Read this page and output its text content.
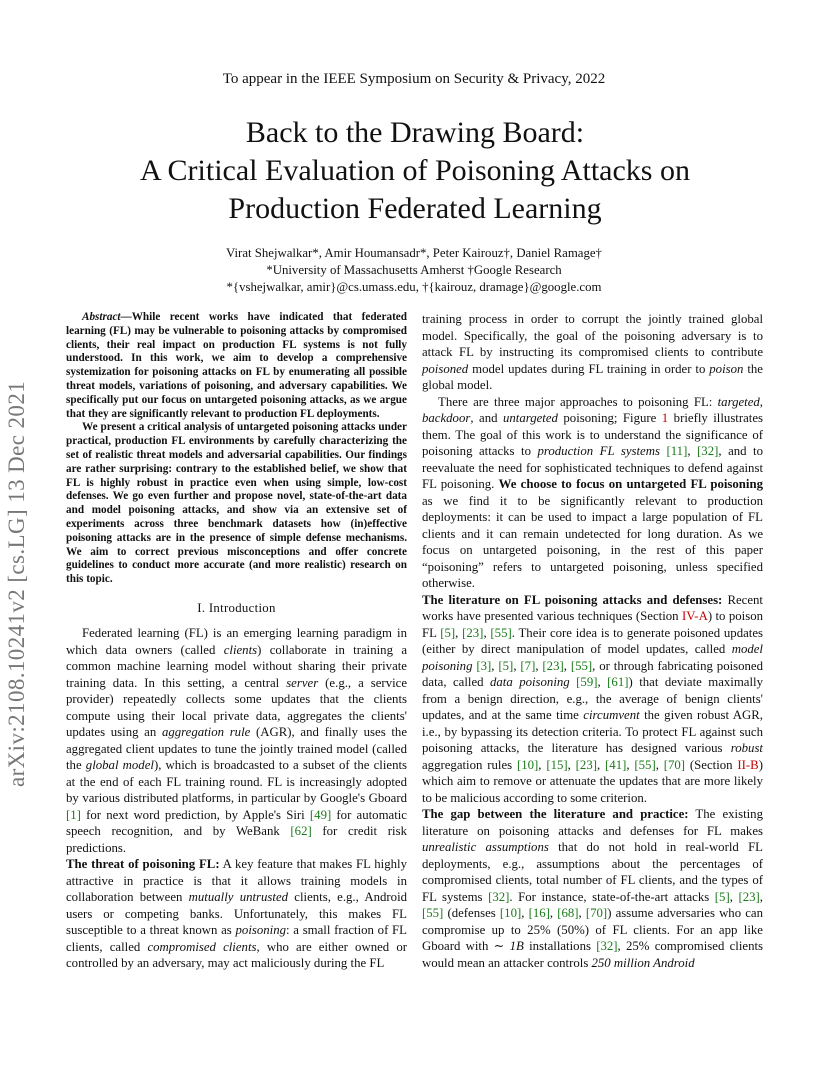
To appear in the IEEE Symposium on Security & Privacy, 2022
Back to the Drawing Board:
A Critical Evaluation of Poisoning Attacks on
Production Federated Learning
Virat Shejwalkar*, Amir Houmansadr*, Peter Kairouz†, Daniel Ramage†
*University of Massachusetts Amherst †Google Research
*{vshejwalkar, amir}@cs.umass.edu, †{kairouz, dramage}@google.com
arXiv:2108.10241v2 [cs.LG] 13 Dec 2021

Abstract—While recent works have indicated that federated learning (FL) may be vulnerable to poisoning attacks by compromised clients, their real impact on production FL systems is not fully understood. In this work, we aim to develop a comprehensive systemization for poisoning attacks on FL by enumerating all possible threat models, variations of poisoning, and adversary capabilities. We specifically put our focus on untargeted poisoning attacks, as we argue that they are significantly relevant to production FL deployments.

We present a critical analysis of untargeted poisoning attacks under practical, production FL environments by carefully characterizing the set of realistic threat models and adversarial capabilities. Our findings are rather surprising: contrary to the established belief, we show that FL is highly robust in practice even when using simple, low-cost defenses. We go even further and propose novel, state-of-the-art data and model poisoning attacks, and show via an extensive set of experiments across three benchmark datasets how (in)effective poisoning attacks are in the presence of simple defense mechanisms. We aim to correct previous misconceptions and offer concrete guidelines to conduct more accurate (and more realistic) research on this topic.

I. Introduction

Federated learning (FL) is an emerging learning paradigm in which data owners (called clients) collaborate in training a common machine learning model without sharing their private training data. In this setting, a central server (e.g., a service provider) repeatedly collects some updates that the clients compute using their local private data, aggregates the clients' updates using an aggregation rule (AGR), and finally uses the aggregated client updates to tune the jointly trained model (called the global model), which is broadcasted to a subset of the clients at the end of each FL training round. FL is increasingly adopted by various distributed platforms, in particular by Google's Gboard [1] for next word prediction, by Apple's Siri [49] for automatic speech recognition, and by WeBank [62] for credit risk predictions.

The threat of poisoning FL: A key feature that makes FL highly attractive in practice is that it allows training models in collaboration between mutually untrusted clients, e.g., Android users or competing banks. Unfortunately, this makes FL susceptible to a threat known as poisoning: a small fraction of FL clients, called compromised clients, who are either owned or controlled by an adversary, may act maliciously during the FL

training process in order to corrupt the jointly trained global model. Specifically, the goal of the poisoning adversary is to attack FL by instructing its compromised clients to contribute poisoned model updates during FL training in order to poison the global model.

There are three major approaches to poisoning FL: targeted, backdoor, and untargeted poisoning; Figure 1 briefly illustrates them. The goal of this work is to understand the significance of poisoning attacks to production FL systems [11], [32], and to reevaluate the need for sophisticated techniques to defend against FL poisoning. We choose to focus on untargeted FL poisoning as we find it to be significantly relevant to production deployments: it can be used to impact a large population of FL clients and it can remain undetected for long duration. As we focus on untargeted poisoning, in the rest of this paper “poisoning” refers to untargeted poisoning, unless specified otherwise.

The literature on FL poisoning attacks and defenses: Recent works have presented various techniques (Section IV-A) to poison FL [5], [23], [55]. Their core idea is to generate poisoned updates (either by direct manipulation of model updates, called model poisoning [3], [5], [7], [23], [55], or through fabricating poisoned data, called data poisoning [59], [61]) that deviate maximally from a benign direction, e.g., the average of benign clients' updates, and at the same time circumvent the given robust AGR, i.e., by bypassing its detection criteria. To protect FL against such poisoning attacks, the literature has designed various robust aggregation rules [10], [15], [23], [41], [55], [70] (Section II-B) which aim to remove or attenuate the updates that are more likely to be malicious according to some criterion.

The gap between the literature and practice: The existing literature on poisoning attacks and defenses for FL makes unrealistic assumptions that do not hold in real-world FL deployments, e.g., assumptions about the percentages of compromised clients, total number of FL clients, and the types of FL systems [32]. For instance, state-of-the-art attacks [5], [23], [55] (defenses [10], [16], [68], [70]) assume adversaries who can compromise up to 25% (50%) of FL clients. For an app like Gboard with ∼ 1B installations [32], 25% compromised clients would mean an attacker controls 250 million Android
